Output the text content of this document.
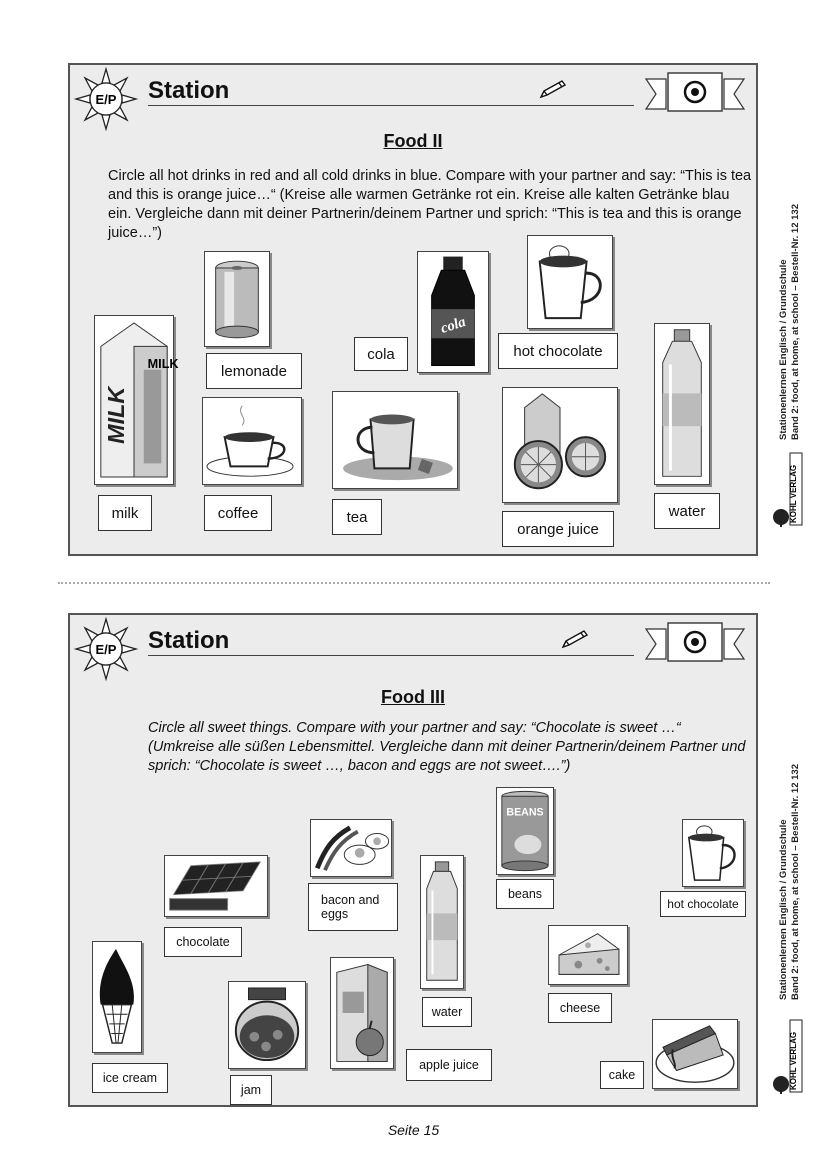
E/P Station
Food II
Circle all hot drinks in red and all cold drinks in blue. Compare with your partner and say: “This is tea and this is orange juice…“ (Kreise alle warmen Getränke rot ein. Kreise alle kalten Getränke blau ein. Vergleiche dann mit deiner Partnerin/deinem Partner und sprich: “This is tea and this is orange juice…”)
lemonade
cola
cola	hot chocolate
MILK
MILK
milk	coffee	tea
orange juice
water
E/P Station
Food III
Circle all sweet things. Compare with your partner and say: “Chocolate is sweet …“ (Umkreise alle süßen Lebensmittel. Vergleiche dann mit deiner Partnerin/deinem Partner und sprich: “Chocolate is sweet …, bacon and eggs are not sweet….”)
BEANS
beans
bacon and eggs
hot chocolate
chocolate
water	cheese
ice cream
jam
apple juice
cake
Stationenlernen Englisch / Grundschule Band 2: food, at home, at school – Bestell-Nr. 12 132
KOHL VERLAG
Stationenlernen Englisch / Grundschule Band 2: food, at home, at school – Bestell-Nr. 12 132
KOHL VERLAG
Seite 15
